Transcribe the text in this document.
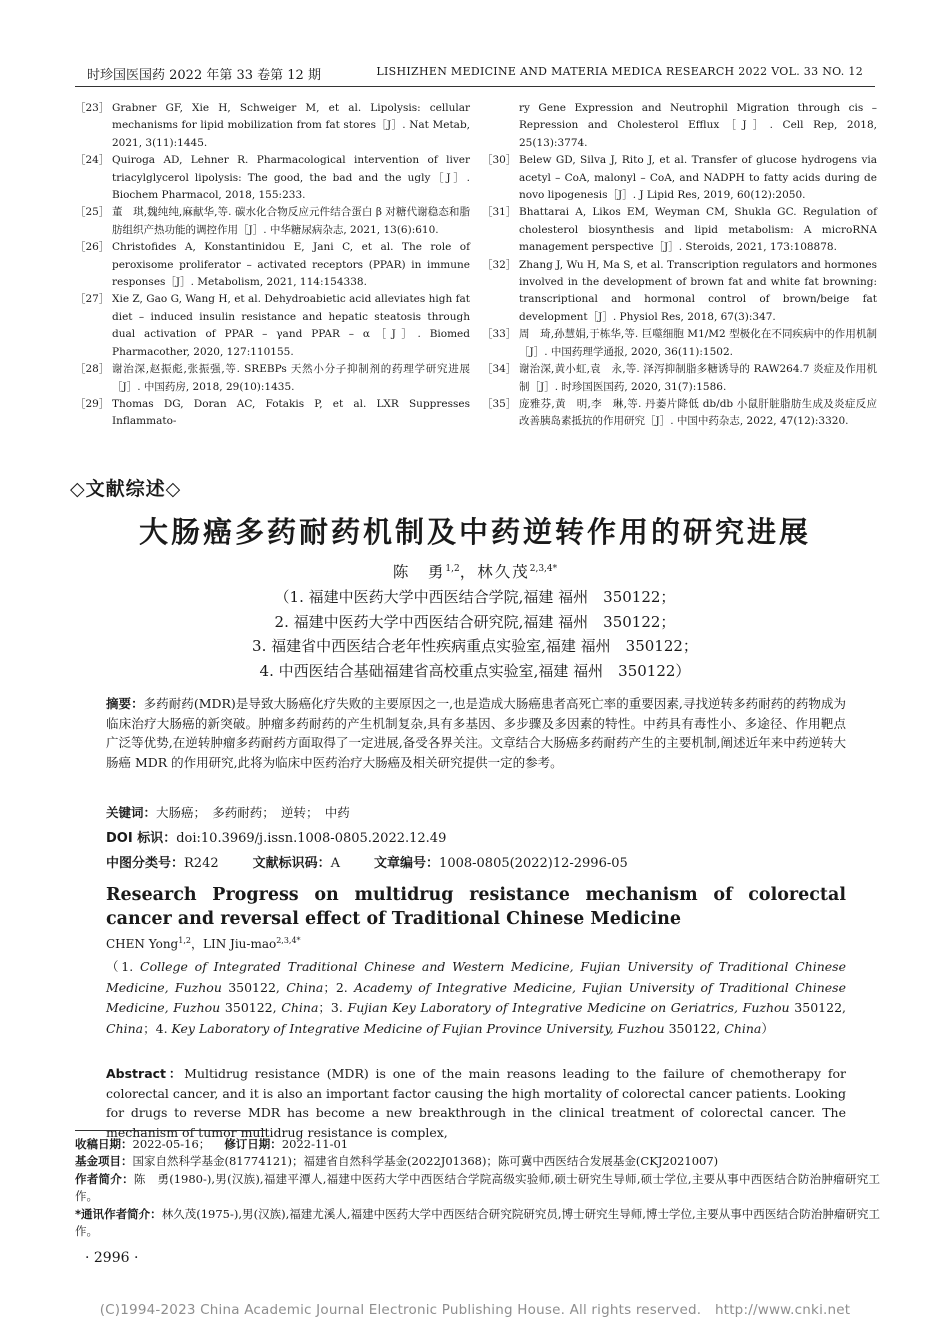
时珍国医国药 2022 年第 33 卷第 12 期	LISHIZHEN MEDICINE AND MATERIA MEDICA RESEARCH 2022 VOL. 33 NO. 12

［23］ Grabner GF, Xie H, Schweiger M, et al. Lipolysis: cellular mechanisms for lipid mobilization from fat stores［J］. Nat Metab, 2021, 3(11):1445.

［24］ Quiroga AD, Lehner R. Pharmacological intervention of liver triacylglycerol lipolysis: The good, the bad and the ugly［J］. Biochem Pharmacol, 2018, 155:233.

［25］ 董　琪,魏纯纯,麻献华,等. 碳水化合物反应元件结合蛋白 β 对糖代谢稳态和脂肪组织产热功能的调控作用［J］. 中华糖尿病杂志, 2021, 13(6):610.

［26］ Christofides A, Konstantinidou E, Jani C, et al. The role of peroxisome proliferator – activated receptors (PPAR) in immune responses［J］. Metabolism, 2021, 114:154338.

［27］ Xie Z, Gao G, Wang H, et al. Dehydroabietic acid alleviates high fat diet – induced insulin resistance and hepatic steatosis through dual activation of PPAR – γand PPAR – α［J］. Biomed Pharmacother, 2020, 127:110155.

［28］ 谢治深,赵振彪,张振强,等. SREBPs 天然小分子抑制剂的药理学研究进展［J］. 中国药房, 2018, 29(10):1435.

［29］ Thomas DG, Doran AC, Fotakis P, et al. LXR Suppresses Inflammato-

ry Gene Expression and Neutrophil Migration through cis – Repression and Cholesterol Efflux［J］. Cell Rep, 2018, 25(13):3774.

［30］ Belew GD, Silva J, Rito J, et al. Transfer of glucose hydrogens via acetyl – CoA, malonyl – CoA, and NADPH to fatty acids during de novo lipogenesis［J］. J Lipid Res, 2019, 60(12):2050.

［31］ Bhattarai A, Likos EM, Weyman CM, Shukla GC. Regulation of cholesterol biosynthesis and lipid metabolism: A microRNA management perspective［J］. Steroids, 2021, 173:108878.

［32］ Zhang J, Wu H, Ma S, et al. Transcription regulators and hormones involved in the development of brown fat and white fat browning: transcriptional and hormonal control of brown/beige fat development［J］. Physiol Res, 2018, 67(3):347.

［33］ 周　琦,孙慧娟,于栋华,等. 巨噬细胞 M1/M2 型极化在不同疾病中的作用机制［J］. 中国药理学通报, 2020, 36(11):1502.

［34］ 谢治深,黄小虹,袁　永,等. 泽泻抑制脂多糖诱导的 RAW264.7 炎症及作用机制［J］. 时珍国医国药, 2020, 31(7):1586.

［35］ 庞雅芬,黄　明,李　琳,等. 丹萎片降低 db/db 小鼠肝脏脂肪生成及炎症反应改善胰岛素抵抗的作用研究［J］. 中国中药杂志, 2022, 47(12):3320.

◇文献综述◇
大肠癌多药耐药机制及中药逆转作用的研究进展
陈　勇$^{1,2}$，林久茂$^{2,3,4*}$
（1. 福建中医药大学中西医结合学院,福建 福州　350122；
2. 福建中医药大学中西医结合研究院,福建 福州　350122；
3. 福建省中西医结合老年性疾病重点实验室,福建 福州　350122；
4. 中西医结合基础福建省高校重点实验室,福建 福州　350122）
摘要：多药耐药(MDR)是导致大肠癌化疗失败的主要原因之一,也是造成大肠癌患者高死亡率的重要因素,寻找逆转多药耐药的药物成为临床治疗大肠癌的新突破。肿瘤多药耐药的产生机制复杂,具有多基因、多步骤及多因素的特性。中药具有毒性小、多途径、作用靶点广泛等优势,在逆转肿瘤多药耐药方面取得了一定进展,备受各界关注。文章结合大肠癌多药耐药产生的主要机制,阐述近年来中药逆转大肠癌 MDR 的作用研究,此将为临床中医药治疗大肠癌及相关研究提供一定的参考。
关键词：大肠癌；　多药耐药；　逆转；　中药
DOI 标识：doi:10.3969/j.issn.1008-0805.2022.12.49
中图分类号：R242	文献标识码：A	文章编号：1008-0805(2022)12-2996-05
Research Progress on multidrug resistance mechanism of colorectal cancer and reversal effect of Traditional Chinese Medicine
CHEN Yong$^{1,2}$，LIN Jiu-mao$^{2,3,4*}$
（1. College of Integrated Traditional Chinese and Western Medicine, Fujian University of Traditional Chinese Medicine, Fuzhou 350122, China；2. Academy of Integrative Medicine, Fujian University of Traditional Chinese Medicine, Fuzhou 350122, China；3. Fujian Key Laboratory of Integrative Medicine on Geriatrics, Fuzhou 350122, China；4. Key Laboratory of Integrative Medicine of Fujian Province University, Fuzhou 350122, China）
Abstract：Multidrug resistance (MDR) is one of the main reasons leading to the failure of chemotherapy for colorectal cancer, and it is also an important factor causing the high mortality of colorectal cancer patients. Looking for drugs to reverse MDR has become a new breakthrough in the clinical treatment of colorectal cancer. The mechanism of tumor multidrug resistance is complex,

收稿日期：2022-05-16； 修订日期：2022-11-01

基金项目：国家自然科学基金(81774121)；福建省自然科学基金(2022J01368)；陈可冀中西医结合发展基金(CKJ2021007)

作者简介：陈　勇(1980-),男(汉族),福建平潭人,福建中医药大学中西医结合学院高级实验师,硕士研究生导师,硕士学位,主要从事中西医结合防治肿瘤研究工作。

*通讯作者简介：林久茂(1975-),男(汉族),福建尤溪人,福建中医药大学中西医结合研究院研究员,博士研究生导师,博士学位,主要从事中西医结合防治肿瘤研究工作。

· 2996 ·
(C)1994-2023 China Academic Journal Electronic Publishing House. All rights reserved.　http://www.cnki.net
